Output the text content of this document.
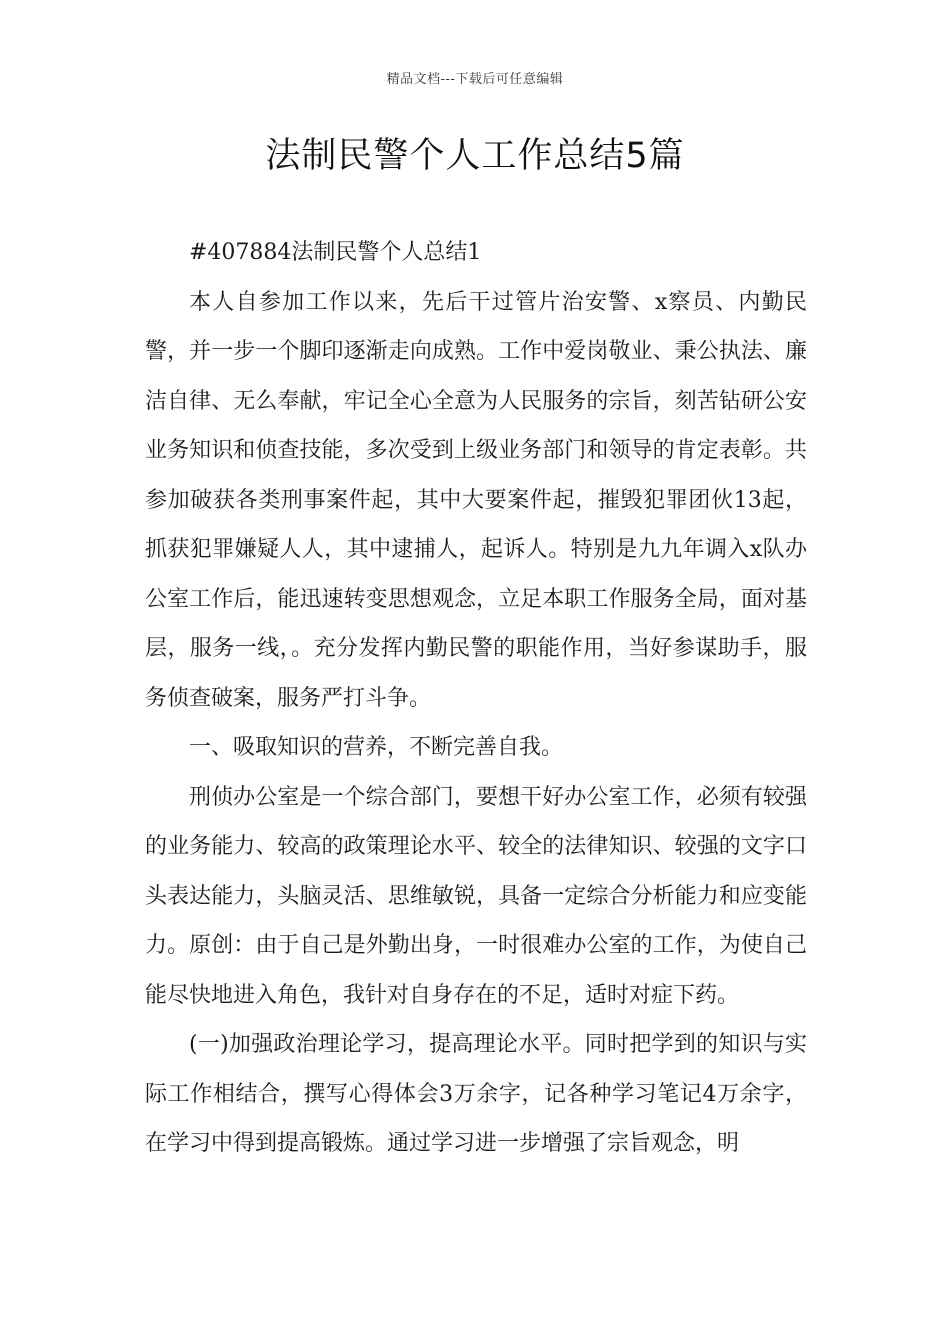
精品文档---下载后可任意编辑
法制民警个人工作总结5篇

#407884法制民警个人总结1

本人自参加工作以来，先后干过管片治安警、x察员、内勤民警，并一步一个脚印逐渐走向成熟。工作中爱岗敬业、秉公执法、廉洁自律、无么奉献，牢记全心全意为人民服务的宗旨，刻苦钻研公安业务知识和侦查技能，多次受到上级业务部门和领导的肯定表彰。共参加破获各类刑事案件起，其中大要案件起，摧毁犯罪团伙13起，抓获犯罪嫌疑人人，其中逮捕人，起诉人。特别是九九年调入x队办公室工作后，能迅速转变思想观念，立足本职工作服务全局，面对基层，服务一线，。充分发挥内勤民警的职能作用，当好参谋助手，服务侦查破案，服务严打斗争。

一、吸取知识的营养，不断完善自我。

刑侦办公室是一个综合部门，要想干好办公室工作，必须有较强的业务能力、较高的政策理论水平、较全的法律知识、较强的文字口头表达能力，头脑灵活、思维敏锐，具备一定综合分析能力和应变能力。原创：由于自己是外勤出身，一时很难办公室的工作，为使自己能尽快地进入角色，我针对自身存在的不足，适时对症下药。

(一)加强政治理论学习，提高理论水平。同时把学到的知识与实际工作相结合，撰写心得体会3万余字，记各种学习笔记4万余字，在学习中得到提高锻炼。通过学习进一步增强了宗旨观念，明
